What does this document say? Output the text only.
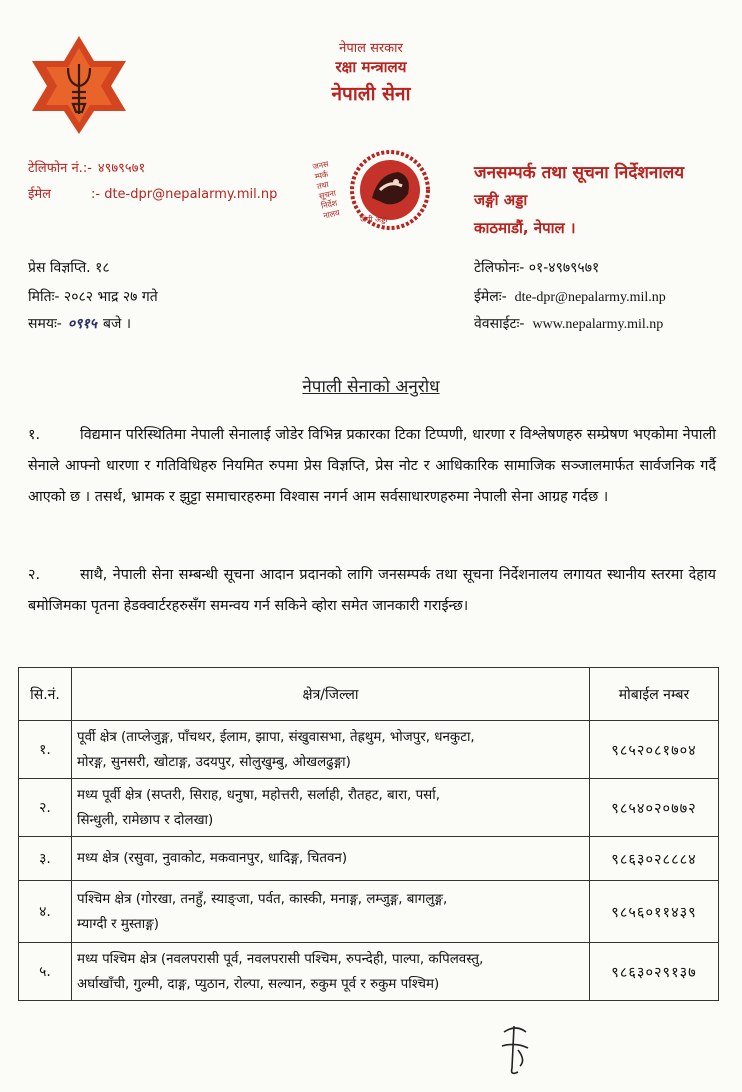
नेपाल सरकार
रक्षा मन्त्रालय
नेपाली सेना
टेलिफोन नं.:- ४९७९५७१
ईमेल	:- dte-dpr@nepalarmy.mil.np
जनसम्पर्क तथा सूचना निर्देशनालय	जंगी अड्डा
जनसम्पर्क तथा सूचना निर्देशनालय
जङ्गी अड्डा
काठमाडौं, नेपाल ।
प्रेस विज्ञप्ति. १८
मितिः- २०८२ भाद्र २७ गते
समयः- ०९१५ बजे ।
टेलिफोनः- ०१-४९७९५७१
ईमेलः- dte-dpr@nepalarmy.mil.np
वेवसाईटः- www.nepalarmy.mil.np
नेपाली सेनाको अनुरोध
१.	विद्यमान परिस्थितिमा नेपाली सेनालाई जोडेर विभिन्न प्रकारका टिका टिप्पणी, धारणा र विश्लेषणहरु सम्प्रेषण भएकोमा नेपाली सेनाले आफ्नो धारणा र गतिविधिहरु नियमित रुपमा प्रेस विज्ञप्ति, प्रेस नोट र आधिकारिक सामाजिक सञ्जालमार्फत सार्वजनिक गर्दै आएको छ । तसर्थ, भ्रामक र झुट्टा समाचारहरुमा विश्वास नगर्न आम सर्वसाधारणहरुमा नेपाली सेना आग्रह गर्दछ ।
२.	साथै, नेपाली सेना सम्बन्धी सूचना आदान प्रदानको लागि जनसम्पर्क तथा सूचना निर्देशनालय लगायत स्थानीय स्तरमा देहाय बमोजिमका पृतना हेडक्वार्टरहरुसँग समन्वय गर्न सकिने व्होरा समेत जानकारी गराईन्छ।
सि.नं.	क्षेत्र/जिल्ला	मोबाईल नम्बर
१.	पूर्वी क्षेत्र (ताप्लेजुङ्ग, पाँचथर, ईलाम, झापा, संखुवासभा, तेह्रथुम, भोजपुर, धनकुटा,
मोरङ्ग, सुनसरी, खोटाङ्ग, उदयपुर, सोलुखुम्बु, ओखलढुङ्गा)	९८५२०८१७०४
२.	मध्य पूर्वी क्षेत्र (सप्तरी, सिराह, धनुषा, महोत्तरी, सर्लाही, रौतहट, बारा, पर्सा,
सिन्धुली, रामेछाप र दोलखा)	९८५४०२०७७२
३.	मध्य क्षेत्र (रसुवा, नुवाकोट, मकवानपुर, धादिङ्ग, चितवन)	९८६३०२८८८४
४.	पश्चिम क्षेत्र (गोरखा, तनहुँ, स्याङ्जा, पर्वत, कास्की, मनाङ्ग, लम्जुङ्ग, बागलुङ्ग,
म्याग्दी र मुस्ताङ्ग)	९८५६०११४३९
५.	मध्य पश्चिम क्षेत्र (नवलपरासी पूर्व, नवलपरासी पश्चिम, रुपन्देही, पाल्पा, कपिलवस्तु,
अर्घाखाँची, गुल्मी, दाङ्ग, प्युठान, रोल्पा, सल्यान, रुकुम पूर्व र रुकुम पश्चिम)	९८६३०२९१३७
